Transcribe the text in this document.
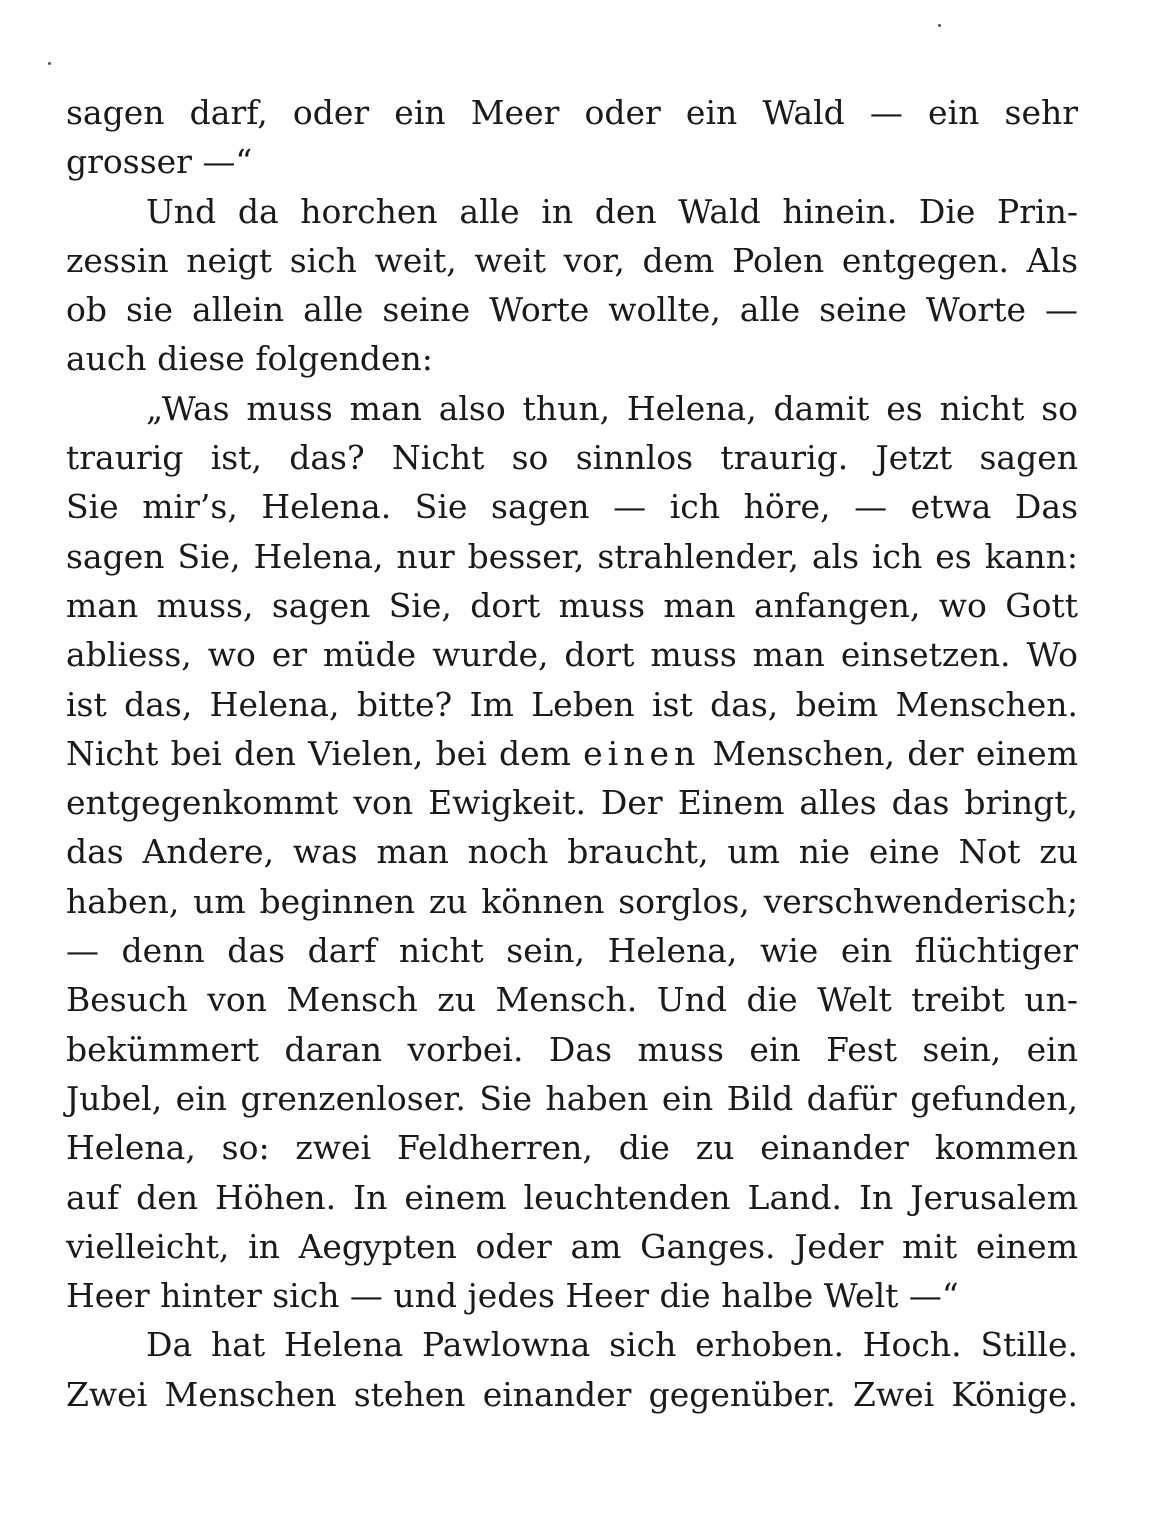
sagen darf, oder ein Meer oder ein Wald — ein sehr
grosser —“
Und da horchen alle in den Wald hinein. Die Prin-
zessin neigt sich weit, weit vor, dem Polen entgegen. Als
ob sie allein alle seine Worte wollte, alle seine Worte —
auch diese folgenden:
„Was muss man also thun, Helena, damit es nicht so
traurig ist, das? Nicht so sinnlos traurig. Jetzt sagen
Sie mir’s, Helena. Sie sagen — ich höre, — etwa Das
sagen Sie, Helena, nur besser, strahlender, als ich es kann:
man muss, sagen Sie, dort muss man anfangen, wo Gott
abliess, wo er müde wurde, dort muss man einsetzen. Wo
ist das, Helena, bitte? Im Leben ist das, beim Menschen.
Nicht bei den Vielen, bei dem einen Menschen, der einem
entgegenkommt von Ewigkeit. Der Einem alles das bringt,
das Andere, was man noch braucht, um nie eine Not zu
haben, um beginnen zu können sorglos, verschwenderisch;
— denn das darf nicht sein, Helena, wie ein flüchtiger
Besuch von Mensch zu Mensch. Und die Welt treibt un-
bekümmert daran vorbei. Das muss ein Fest sein, ein
Jubel, ein grenzenloser. Sie haben ein Bild dafür gefunden,
Helena, so: zwei Feldherren, die zu einander kommen
auf den Höhen. In einem leuchtenden Land. In Jerusalem
vielleicht, in Aegypten oder am Ganges. Jeder mit einem
Heer hinter sich — und jedes Heer die halbe Welt —“
Da hat Helena Pawlowna sich erhoben. Hoch. Stille.
Zwei Menschen stehen einander gegenüber. Zwei Könige.
